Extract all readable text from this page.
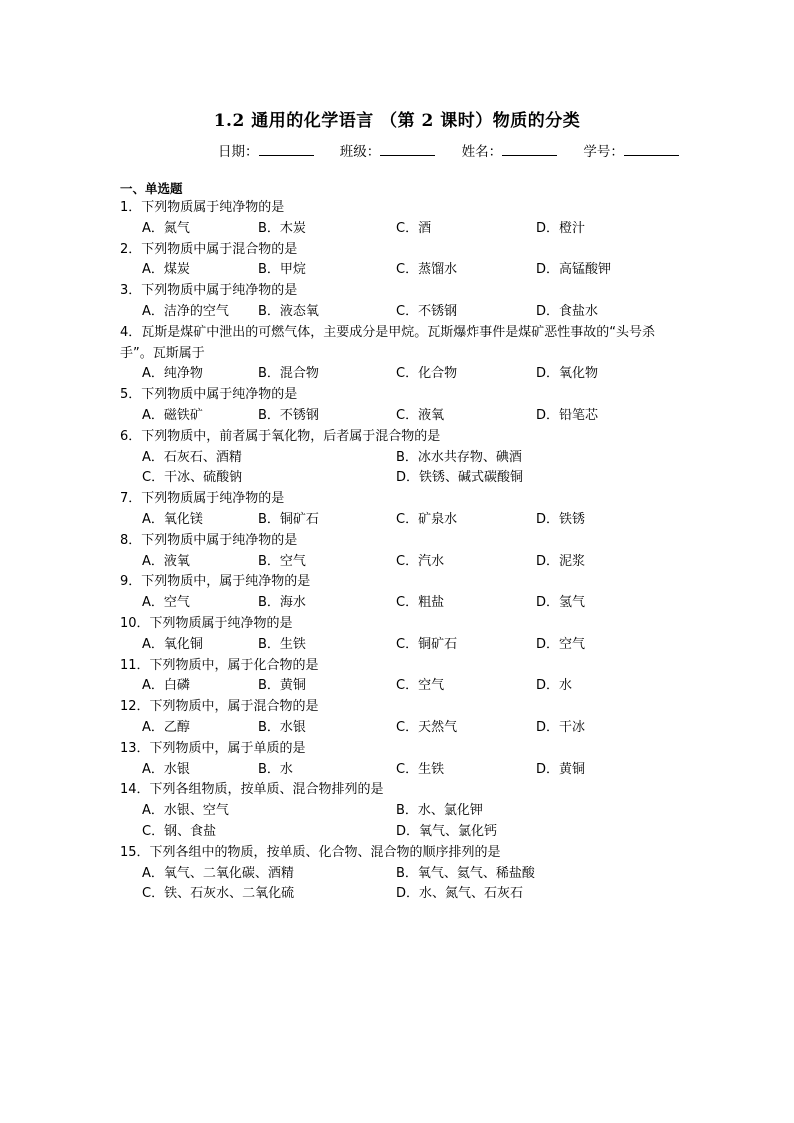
1.2 通用的化学语言 （第 2 课时）物质的分类
日期：	班级：	姓名：	学号：
一、单选题
1．下列物质属于纯净物的是
A．氮气	B．木炭	C．酒	D．橙汁
2．下列物质中属于混合物的是
A．煤炭	B．甲烷	C．蒸馏水	D．高锰酸钾
3．下列物质中属于纯净物的是
A．洁净的空气 B．液态氧	C．不锈钢	D．食盐水
4．瓦斯是煤矿中泄出的可燃气体，主要成分是甲烷。瓦斯爆炸事件是煤矿恶性事故的“头号杀手”。瓦斯属于
A．纯净物	B．混合物	C．化合物	D．氧化物
5．下列物质中属于纯净物的是
A．磁铁矿	B．不锈钢	C．液氧	D．铅笔芯
6．下列物质中，前者属于氧化物，后者属于混合物的是
A．石灰石、酒精	B．冰水共存物、碘酒
C．干冰、硫酸钠	D．铁锈、碱式碳酸铜
7．下列物质属于纯净物的是
A．氧化镁	B．铜矿石	C．矿泉水	D．铁锈
8．下列物质中属于纯净物的是
A．液氧	B．空气	C．汽水	D．泥浆
9．下列物质中，属于纯净物的是
A．空气	B．海水	C．粗盐	D．氢气
10．下列物质属于纯净物的是
A．氧化铜	B．生铁	C．铜矿石	D．空气
11．下列物质中，属于化合物的是
A．白磷	B．黄铜	C．空气	D．水
12．下列物质中，属于混合物的是
A．乙醇	B．水银	C．天然气	D．干冰
13．下列物质中，属于单质的是
A．水银	B．水	C．生铁	D．黄铜
14．下列各组物质，按单质、混合物排列的是
A．水银、空气	B．水、氯化钾
C．钢、食盐	D．氧气、氯化钙
15．下列各组中的物质，按单质、化合物、混合物的顺序排列的是
A．氧气、二氧化碳、酒精	B．氧气、氦气、稀盐酸
C．铁、石灰水、二氧化硫	D．水、氮气、石灰石
